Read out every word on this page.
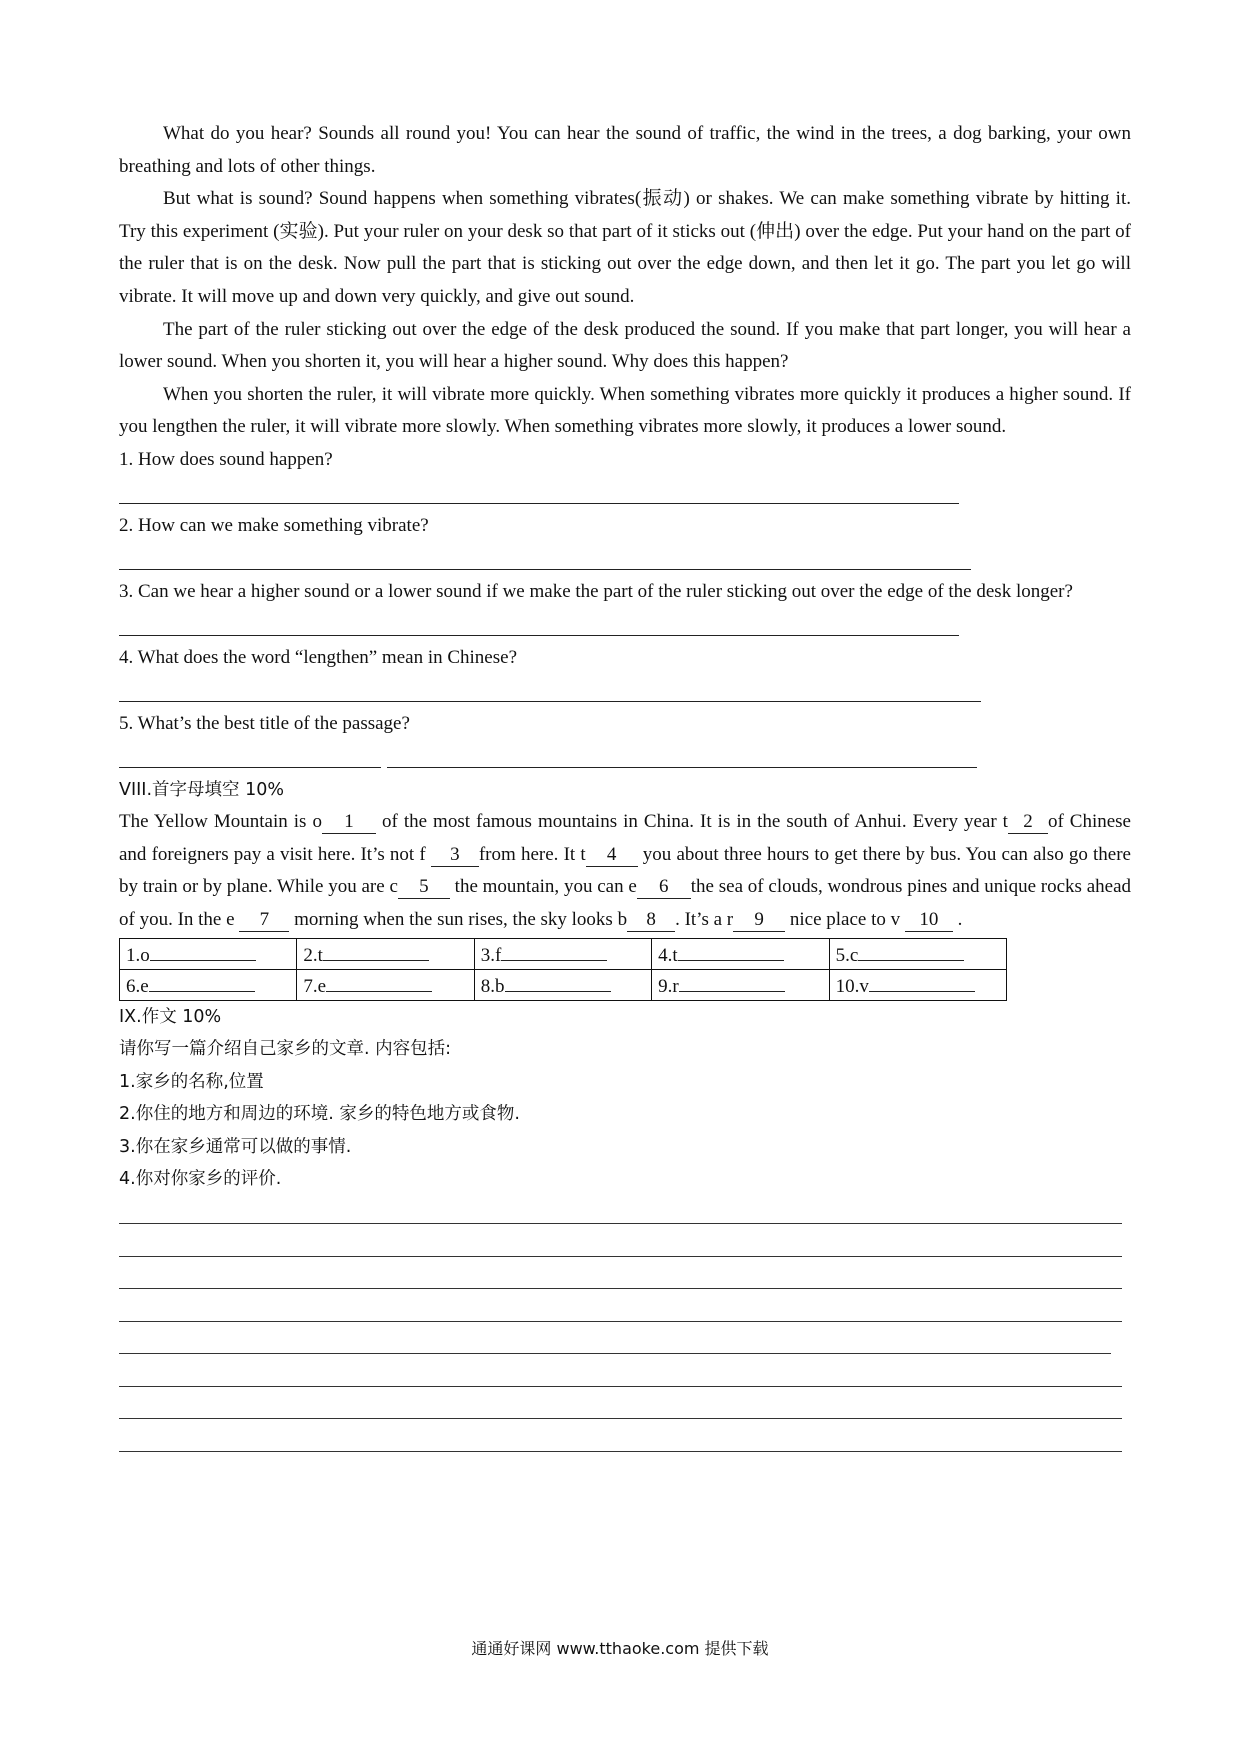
What do you hear? Sounds all round you! You can hear the sound of traffic, the wind in the trees, a dog barking, your own breathing and lots of other things.

But what is sound? Sound happens when something vibrates(振动) or shakes. We can make something vibrate by hitting it. Try this experiment (实验). Put your ruler on your desk so that part of it sticks out (伸出) over the edge. Put your hand on the part of the ruler that is on the desk. Now pull the part that is sticking out over the edge down, and then let it go. The part you let go will vibrate. It will move up and down very quickly, and give out sound.

The part of the ruler sticking out over the edge of the desk produced the sound. If you make that part longer, you will hear a lower sound. When you shorten it, you will hear a higher sound. Why does this happen?

When you shorten the ruler, it will vibrate more quickly. When something vibrates more quickly it produces a higher sound. If you lengthen the ruler, it will vibrate more slowly. When something vibrates more slowly, it produces a lower sound.

1. How does sound happen?

2. How can we make something vibrate?

3. Can we hear a higher sound or a lower sound if we make the part of the ruler sticking out over the edge of the desk longer?

4. What does the word “lengthen” mean in Chinese?

5. What’s the best title of the passage?

VIII.首字母填空 10%

The Yellow Mountain is o 1 of the most famous mountains in China. It is in the south of Anhui. Every year t 2 of Chinese and foreigners pay a visit here. It’s not f 3 from here. It t 4 you about three hours to get there by bus. You can also go there by train or by plane. While you are c 5 the mountain, you can e 6 the sea of clouds, wondrous pines and unique rocks ahead of you. In the e 7 morning when the sun rises, the sky looks b 8 . It’s a r 9 nice place to v 10 .

1.o	2.t	3.f	4.t	5.c
6.e	7.e	8.b	9.r	10.v

IX.作文 10%

请你写一篇介绍自己家乡的文章. 内容包括:

1.家乡的名称,位置

2.你住的地方和周边的环境. 家乡的特色地方或食物.

3.你在家乡通常可以做的事情.

4.你对你家乡的评价.

通通好课网 www.tthaoke.com 提供下载
